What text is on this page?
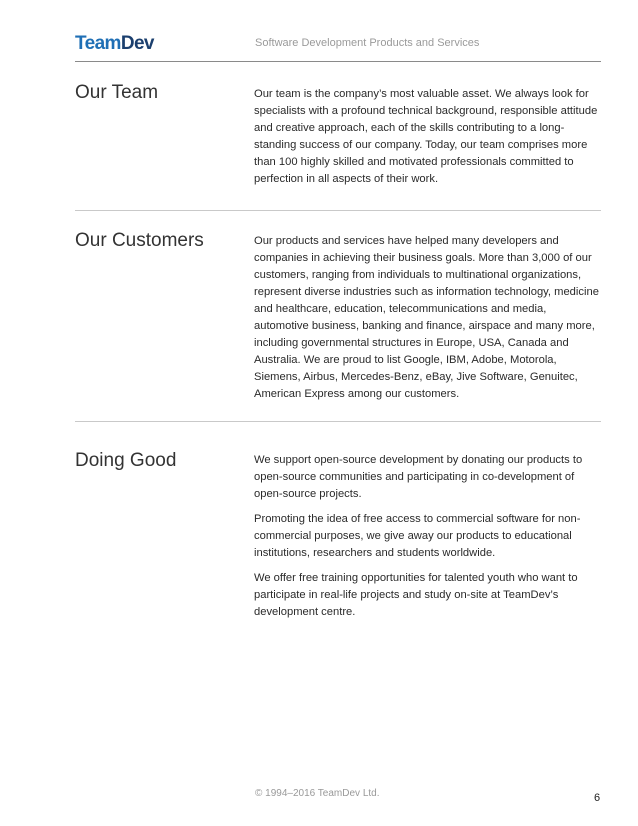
TeamDev	Software Development Products and Services
Our Team	Our team is the company’s most valuable asset. We always look for specialists with a profound technical background, responsible attitude and creative approach, each of the skills contributing to a long-standing success of our company. Today, our team comprises more than 100 highly skilled and motivated professionals committed to perfection in all aspects of their work.

Our Customers	Our products and services have helped many developers and companies in achieving their business goals. More than 3,000 of our customers, ranging from individuals to multinational organizations, represent diverse industries such as information technology, medicine and healthcare, education, telecommunications and media, automotive business, banking and finance, airspace and many more, including governmental structures in Europe, USA, Canada and Australia. We are proud to list Google, IBM, Adobe, Motorola, Siemens, Airbus, Mercedes-Benz, eBay, Jive Software, Genuitec, American Express among our customers.

Doing Good	We support open-source development by donating our products to open-source communities and participating in co-development of open-source projects.

Promoting the idea of free access to commercial software for non-commercial purposes, we give away our products to educational institutions, researchers and students worldwide.

We offer free training opportunities for talented youth who want to participate in real-life projects and study on-site at TeamDev’s development centre.

© 1994–2016 TeamDev Ltd.	6
